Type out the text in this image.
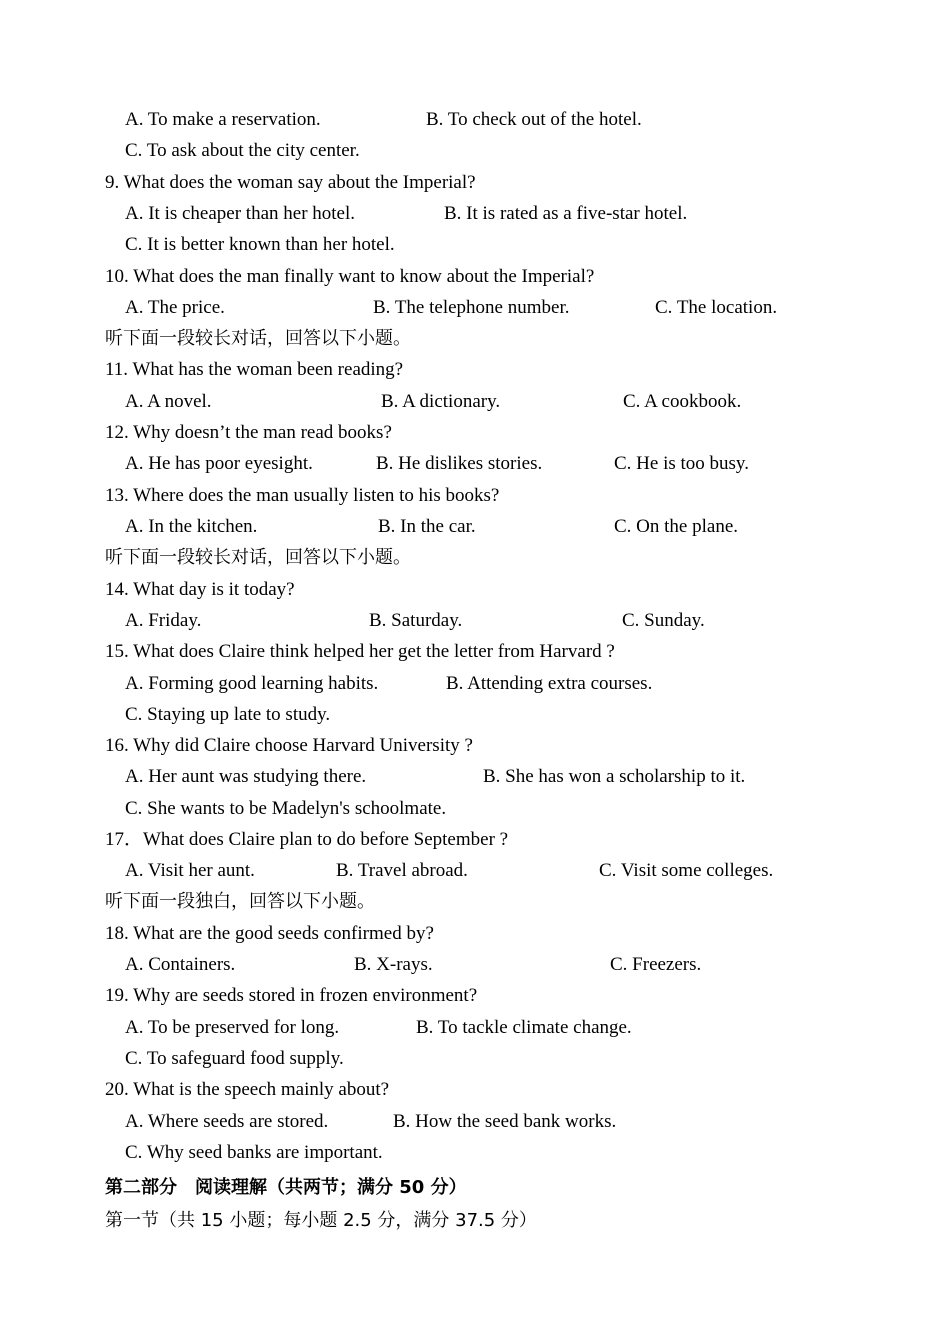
A. To make a reservation.	B. To check out of the hotel.
C. To ask about the city center.
9. What does the woman say about the Imperial?
A. It is cheaper than her hotel.	B. It is rated as a five-star hotel.
C. It is better known than her hotel.
10. What does the man finally want to know about the Imperial?
A. The price.	B. The telephone number.	C. The location.
听下面一段较长对话，回答以下小题。
11. What has the woman been reading?
A. A novel.	B. A dictionary.	C. A cookbook.
12. Why doesn’t the man read books?
A. He has poor eyesight.	B. He dislikes stories.	C. He is too busy.
13. Where does the man usually listen to his books?
A. In the kitchen.	B. In the car.	C. On the plane.
听下面一段较长对话，回答以下小题。
14. What day is it today?
A. Friday.	B. Saturday.	C. Sunday.
15. What does Claire think helped her get the letter from Harvard ?
A. Forming good learning habits.	B. Attending extra courses.
C. Staying up late to study.
16. Why did Claire choose Harvard University ?
A. Her aunt was studying there.	B. She has won a scholarship to it.
C. She wants to be Madelyn's schoolmate.
17．What does Claire plan to do before September ?
A. Visit her aunt.	B. Travel abroad.	C. Visit some colleges.
听下面一段独白，回答以下小题。
18. What are the good seeds confirmed by?
A. Containers.	B. X-rays.	C. Freezers.
19. Why are seeds stored in frozen environment?
A. To be preserved for long.	B. To tackle climate change.
C. To safeguard food supply.
20. What is the speech mainly about?
A. Where seeds are stored.	B. How the seed bank works.
C. Why seed banks are important.
第二部分　阅读理解（共两节；满分 50 分）
第一节（共 15 小题；每小题 2.5 分，满分 37.5 分）
